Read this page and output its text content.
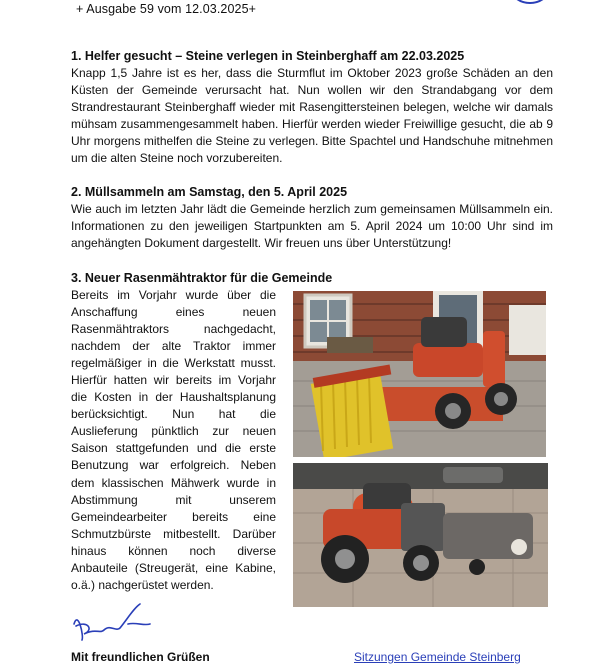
+ Ausgabe 59 vom 12.03.2025+

1. Helfer gesucht – Steine verlegen in Steinberghaff am 22.03.2025

Knapp 1,5 Jahre ist es her, dass die Sturmflut im Oktober 2023 große Schäden an den Küsten der Gemeinde verursacht hat. Nun wollen wir den Strandabgang vor dem Strandrestaurant Steinberghaff wieder mit Rasengittersteinen belegen, welche wir damals mühsam zusammengesammelt haben. Hierfür werden wieder Freiwillige gesucht, die ab 9 Uhr morgens mithelfen die Steine zu verlegen. Bitte Spachtel und Handschuhe mitnehmen um die alten Steine noch vorzubereiten.

2. Müllsammeln am Samstag, den 5. April 2025

Wie auch im letzten Jahr lädt die Gemeinde herzlich zum gemeinsamen Müllsammeln ein. Informationen zu den jeweiligen Startpunkten am 5. April 2024 um 10:00 Uhr sind im angehängten Dokument dargestellt. Wir freuen uns über Unterstützung!

3. Neuer Rasenmähtraktor für die Gemeinde

Bereits im Vorjahr wurde über die Anschaffung eines neuen Rasenmähtraktors nachgedacht, nachdem der alte Traktor immer regelmäßiger in die Werkstatt musst. Hierfür hatten wir bereits im Vorjahr die Kosten in der Haushaltsplanung berücksichtigt. Nun hat die Auslieferung pünktlich zur neuen Saison stattgefunden und die erste Benutzung war erfolgreich. Neben dem klassischen Mähwerk wurde in Abstimmung mit unserem Gemeindearbeiter bereits eine Schmutzbürste mitbestellt. Darüber hinaus können noch diverse Anbauteile (Streugerät, eine Kabine, o.ä.) nachgerüstet werden.
Mit freundlichen Grüßen	Sitzungen Gemeinde Steinberg
